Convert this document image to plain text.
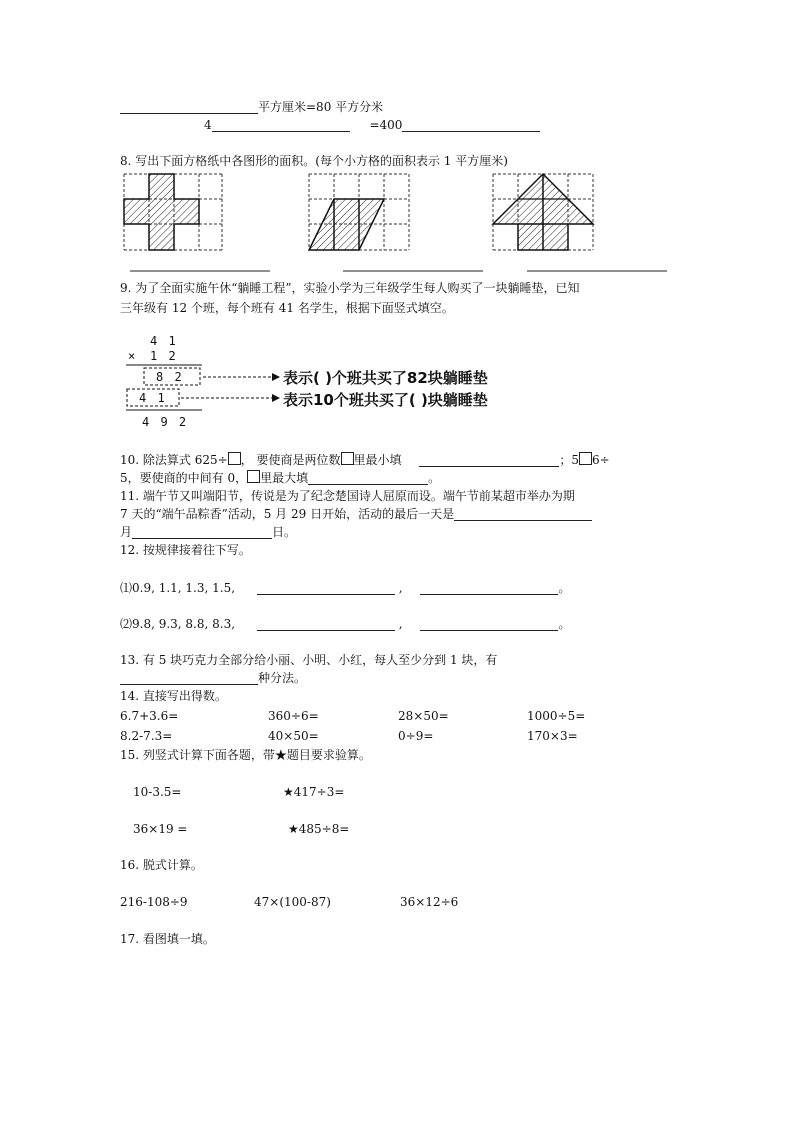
平方厘米=80 平方分米
4	=400
8. 写出下面方格纸中各图形的面积。(每个小方格的面积表示 1 平方厘米)
9. 为了全面实施午休“躺睡工程”，实验小学为三年级学生每人购买了一块躺睡垫，已知
三年级有 12 个班，每个班有 41 名学生，根据下面竖式填空。
4 1
× 1 2
8 2
4 1
4 9 2
表示( )个班共买了82块躺睡垫
表示10个班共买了( )块躺睡垫
10. 除法算式 625÷ ， 要使商是两位数 里最小填	；5 6÷
5，要使商的中间有 0， 里最大填	。
11. 端午节又叫端阳节，传说是为了纪念楚国诗人屈原而设。端午节前某超市举办为期
7 天的“端午品粽香”活动，5 月 29 日开始，活动的最后一天是
月	日。
12. 按规律接着往下写。
⑴0.9, 1.1, 1.3, 1.5,	,	。
⑵9.8, 9.3, 8.8, 8.3,	,	。
13. 有 5 块巧克力全部分给小丽、小明、小红，每人至少分到 1 块，有
种分法。
14. 直接写出得数。
6.7+3.6=	360÷6=	28×50=	1000÷5=
8.2-7.3=	40×50=	0÷9=	170×3=
15. 列竖式计算下面各题，带★题目要求验算。
10-3.5=	★417÷3=
36×19 =	★485÷8=
16. 脱式计算。
216-108÷9	47×(100-87)	36×12÷6
17. 看图填一填。
